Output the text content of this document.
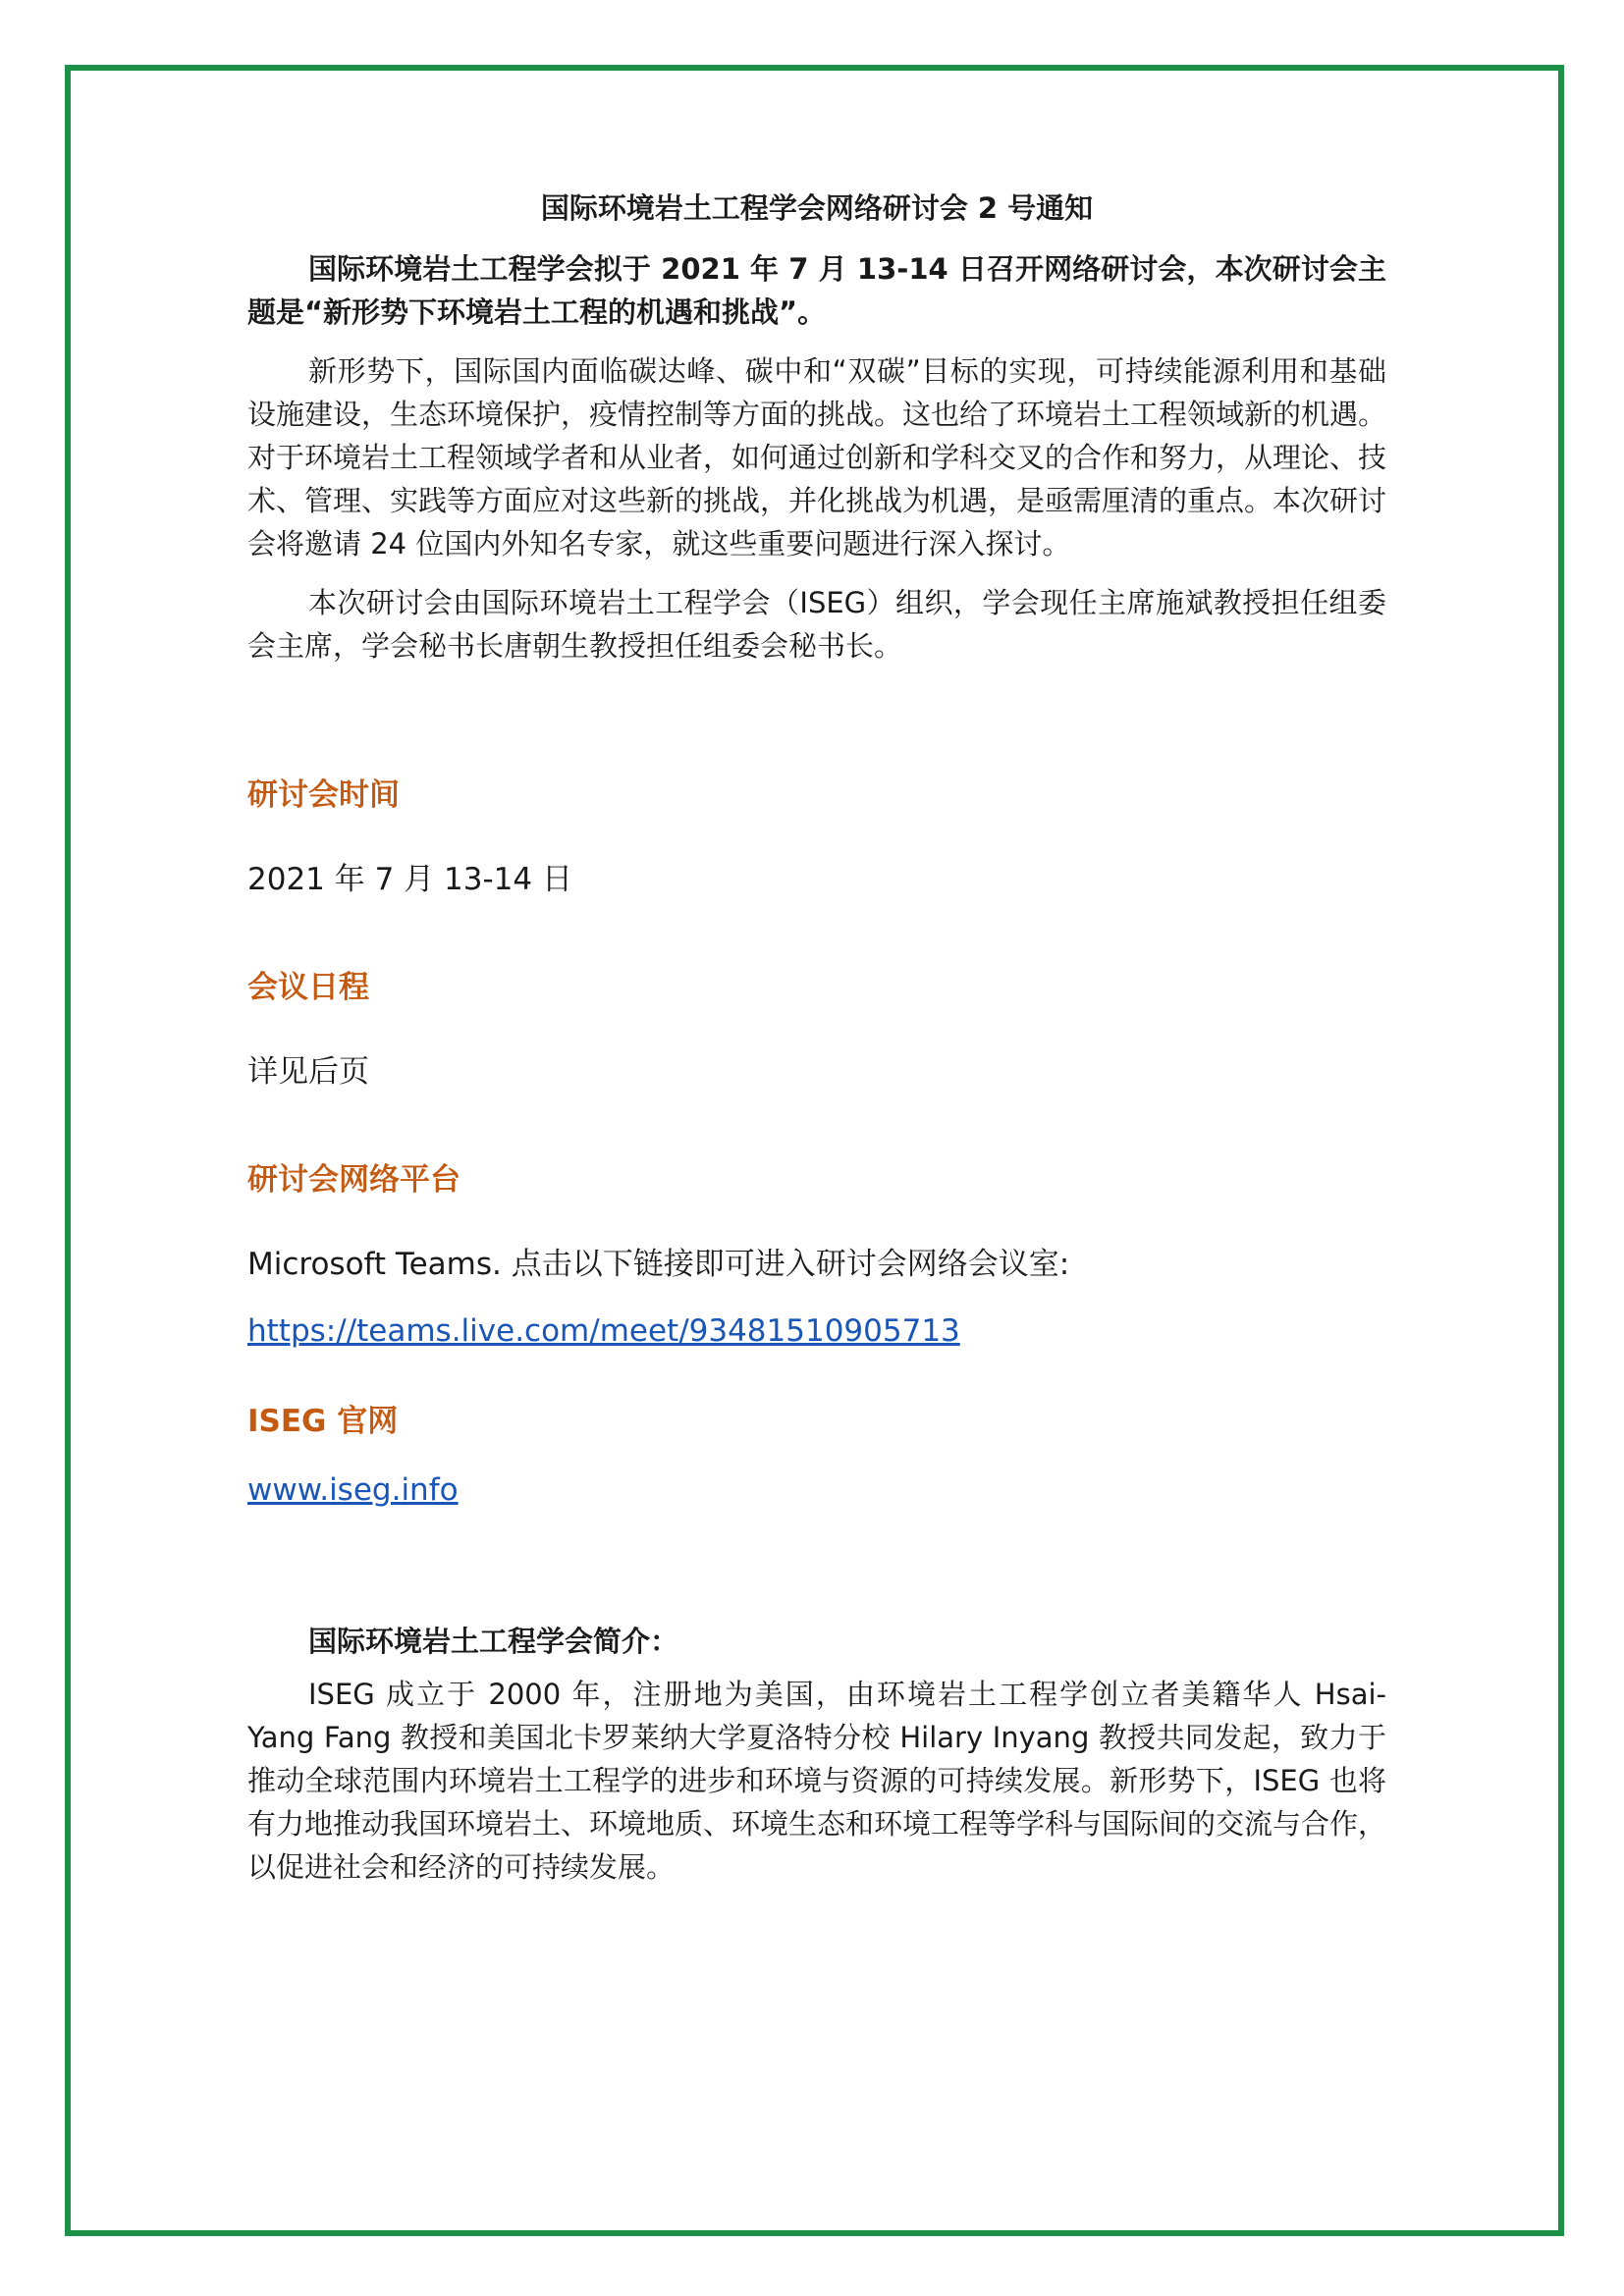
国际环境岩土工程学会网络研讨会 2 号通知

国际环境岩土工程学会拟于 2021 年 7 月 13-14 日召开网络研讨会，本次研讨会主题是“新形势下环境岩土工程的机遇和挑战”。

新形势下，国际国内面临碳达峰、碳中和“双碳”目标的实现，可持续能源利用和基础设施建设，生态环境保护，疫情控制等方面的挑战。这也给了环境岩土工程领域新的机遇。对于环境岩土工程领域学者和从业者，如何通过创新和学科交叉的合作和努力，从理论、技术、管理、实践等方面应对这些新的挑战，并化挑战为机遇，是亟需厘清的重点。本次研讨会将邀请 24 位国内外知名专家，就这些重要问题进行深入探讨。

本次研讨会由国际环境岩土工程学会（ISEG）组织，学会现任主席施斌教授担任组委会主席，学会秘书长唐朝生教授担任组委会秘书长。

研讨会时间

2021 年 7 月 13-14 日

会议日程

详见后页

研讨会网络平台

Microsoft Teams. 点击以下链接即可进入研讨会网络会议室:

https://teams.live.com/meet/93481510905713

ISEG 官网

www.iseg.info

国际环境岩土工程学会简介：

ISEG 成立于 2000 年，注册地为美国，由环境岩土工程学创立者美籍华人 Hsai-Yang Fang 教授和美国北卡罗莱纳大学夏洛特分校 Hilary Inyang 教授共同发起，致力于推动全球范围内环境岩土工程学的进步和环境与资源的可持续发展。新形势下，ISEG 也将有力地推动我国环境岩土、环境地质、环境生态和环境工程等学科与国际间的交流与合作，以促进社会和经济的可持续发展。
